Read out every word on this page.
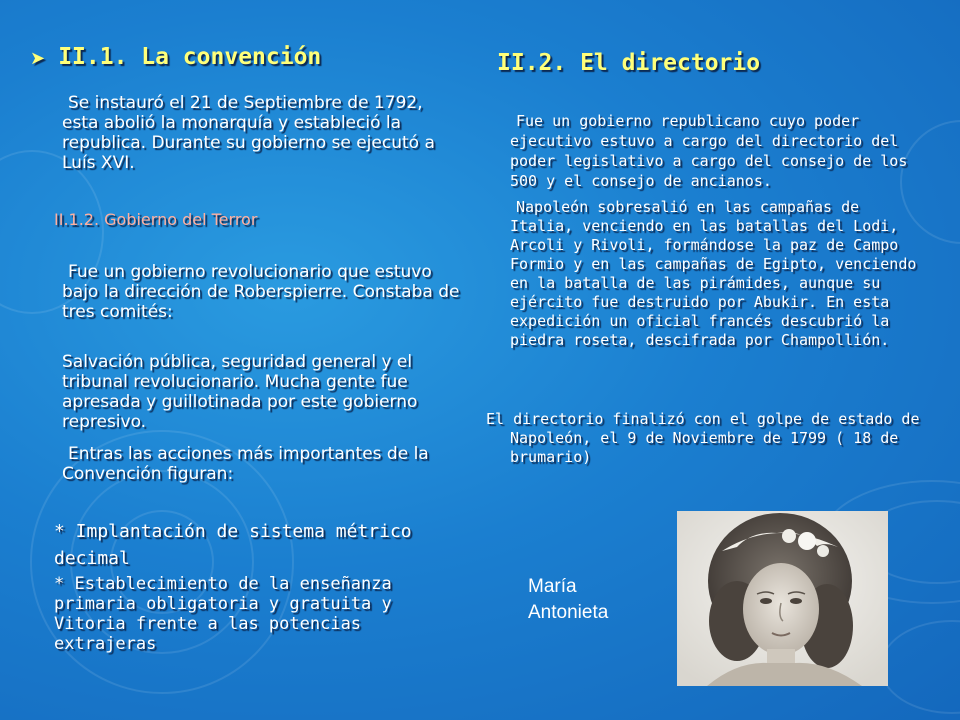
➤ II.1. La convención

Se instauró el 21 de Septiembre de 1792, esta abolió la monarquía y estableció la republica. Durante su gobierno se ejecutó a Luís XVI.

II.1.2. Gobierno del Terror

Fue un gobierno revolucionario que estuvo bajo la dirección de Roberspierre. Constaba de tres comités:

Salvación pública, seguridad general y el tribunal revolucionario. Mucha gente fue apresada y guillotinada por este gobierno represivo.

Entras las acciones más importantes de la Convención figuran:

* Implantación de sistema métrico decimal

* Establecimiento de la enseñanza primaria obligatoria y gratuita y Vitoria frente a las potencias extrajeras

II.2. El directorio

Fue un gobierno republicano cuyo poder ejecutivo estuvo a cargo del directorio del poder legislativo a cargo del consejo de los 500 y el consejo de ancianos.

Napoleón sobresalió en las campañas de Italia, venciendo en las batallas del Lodi, Arcoli y Rivoli, formándose la paz de Campo Formio y en las campañas de Egipto, venciendo en la batalla de las pirámides, aunque su ejército fue destruido por Abukir. En esta expedición un oficial francés descubrió la piedra roseta, descifrada por Champollión.

El directorio finalizó con el golpe de estado de Napoleón, el 9 de Noviembre de 1799 ( 18 de brumario)

María
Antonieta
